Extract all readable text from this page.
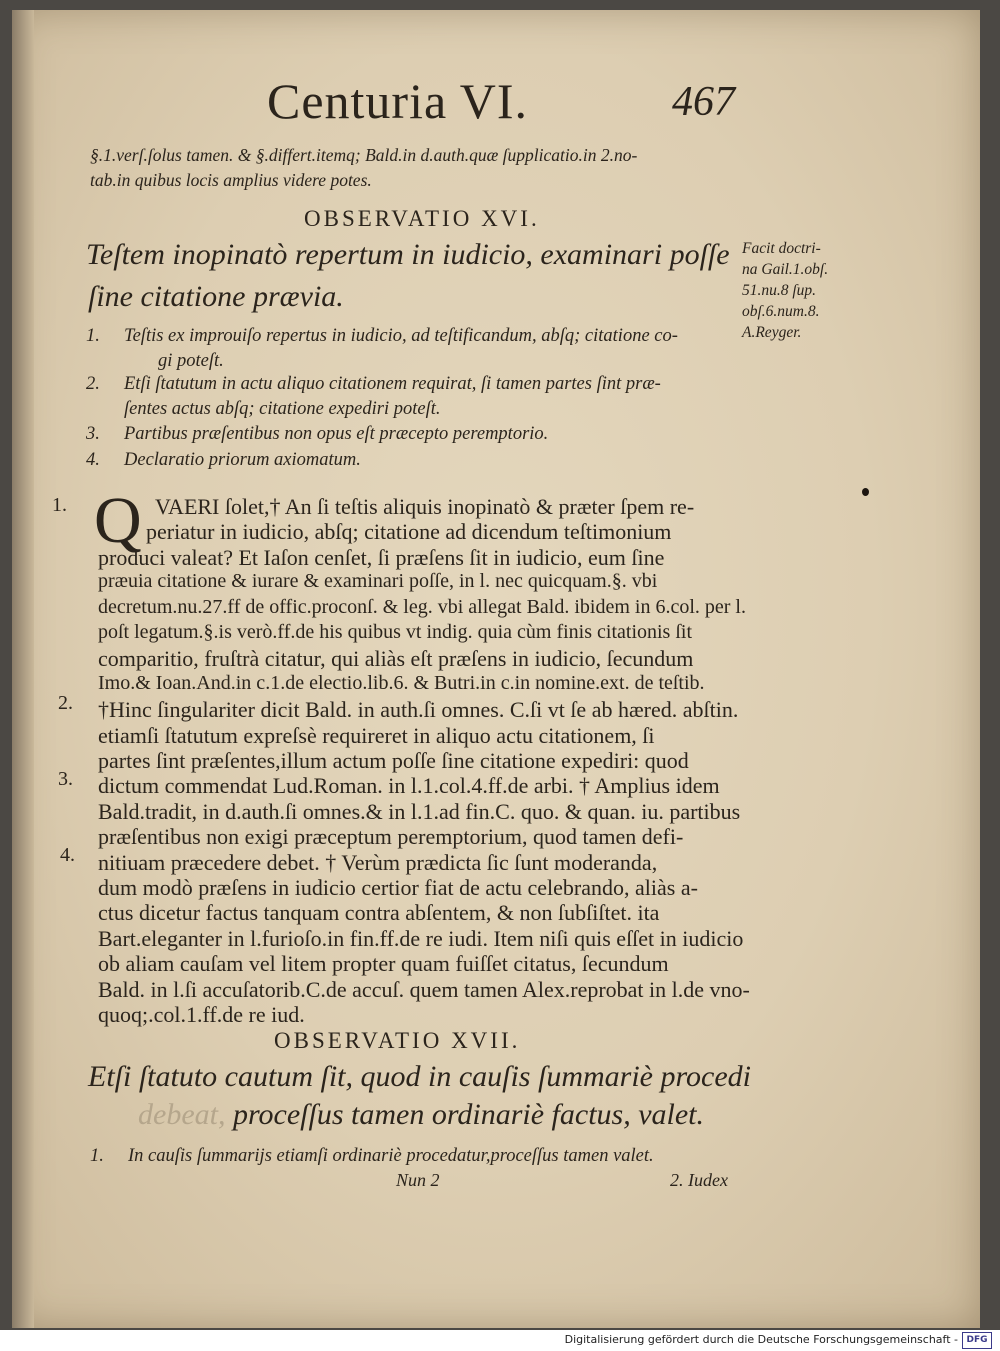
Centuria VI.	467
§.1.verſ.ſolus tamen. & §.differt.itemq; Bald.in d.auth.quæ ſupplicatio.in 2.no-
tab.in quibus locis amplius videre potes.
OBSERVATIO XVI.
Teſtem inopinatò repertum in iudicio, examinari poſſe
ſine citatione prævia.
Facit doctri-
na Gail.1.obſ.
51.nu.8 ſup.
obſ.6.num.8.
A.Reyger.
1. Teſtis ex improuiſo repertus in iudicio, ad teſtificandum, abſq; citatione co-
gi poteſt.
2. Etſi ſtatutum in actu aliquo citationem requirat, ſi tamen partes ſint præ-
ſentes actus abſq; citatione expediri poteſt.
3. Partibus præſentibus non opus eſt præcepto peremptorio.
4. Declaratio priorum axiomatum.
1.
2.
3.
4.
Q VAERI ſolet,† An ſi teſtis aliquis inopinatò & præter ſpem re-
periatur in iudicio, abſq; citatione ad dicendum teſtimonium
produci valeat? Et Iaſon cenſet, ſi præſens ſit in iudicio, eum ſine
præuia citatione & iurare & examinari poſſe, in l. nec quicquam.§. vbi
decretum.nu.27.ff de offic.proconſ. & leg. vbi allegat Bald. ibidem in 6.col. per l.
poſt legatum.§.is verò.ff.de his quibus vt indig. quia cùm finis citationis ſit
comparitio, fruſtrà citatur, qui aliàs eſt præſens in iudicio, ſecundum
Imo.& Ioan.And.in c.1.de electio.lib.6. & Butri.in c.in nomine.ext. de teſtib.
†Hinc ſingulariter dicit Bald. in auth.ſi omnes. C.ſi vt ſe ab hæred. abſtin.
etiamſi ſtatutum expreſsè requireret in aliquo actu citationem, ſi
partes ſint præſentes,illum actum poſſe ſine citatione expediri: quod
dictum commendat Lud.Roman. in l.1.col.4.ff.de arbi. † Amplius idem
Bald.tradit, in d.auth.ſi omnes.& in l.1.ad fin.C. quo. & quan. iu. partibus
præſentibus non exigi præceptum peremptorium, quod tamen defi-
nitiuam præcedere debet. † Verùm prædicta ſic ſunt moderanda,
dum modò præſens in iudicio certior fiat de actu celebrando, aliàs a-
ctus dicetur factus tanquam contra abſentem, & non ſubſiſtet. ita
Bart.eleganter in l.furioſo.in fin.ff.de re iudi. Item niſi quis eſſet in iudicio
ob aliam cauſam vel litem propter quam fuiſſet citatus, ſecundum
Bald. in l.ſi accuſatorib.C.de accuſ. quem tamen Alex.reprobat in l.de vno-
quoq;.col.1.ff.de re iud.
OBSERVATIO XVII.
Etſi ſtatuto cautum ſit, quod in cauſis ſummariè procedi
debeat, proceſſus tamen ordinariè factus, valet.
1. In cauſis ſummarijs etiamſi ordinariè procedatur,proceſſus tamen valet.
Nun 2	2. Iudex
Digitalisierung gefördert durch die Deutsche Forschungsgemeinschaft - DFG
